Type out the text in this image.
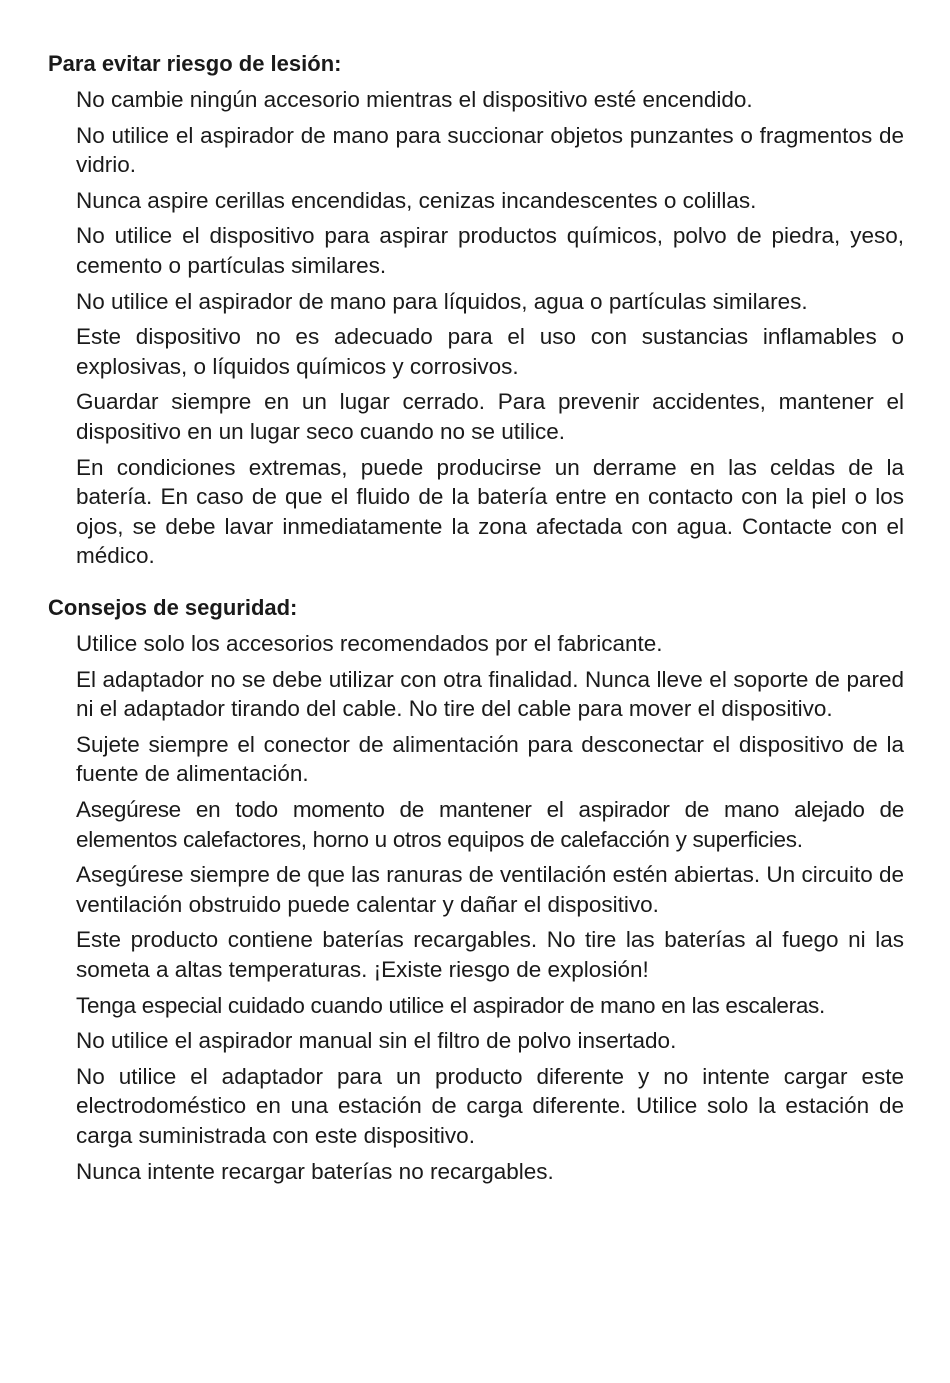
Para evitar riesgo de lesión:
No cambie ningún accesorio mientras el dispositivo esté encendido.
No utilice el aspirador de mano para succionar objetos punzantes o fragmentos de vidrio.
Nunca aspire cerillas encendidas, cenizas incandescentes o colillas.
No utilice el dispositivo para aspirar productos químicos, polvo de piedra, yeso, cemento o partículas similares.
No utilice el aspirador de mano para líquidos, agua o partículas similares.
Este dispositivo no es adecuado para el uso con sustancias inflamables o explosivas, o líquidos químicos y corrosivos.
Guardar siempre en un lugar cerrado. Para prevenir accidentes, mantener el dispositivo en un lugar seco cuando no se utilice.
En condiciones extremas, puede producirse un derrame en las celdas de la batería. En caso de que el fluido de la batería entre en contacto con la piel o los ojos, se debe lavar inmediatamente la zona afectada con agua. Contacte con el médico.
Consejos de seguridad:
Utilice solo los accesorios recomendados por el fabricante.
El adaptador no se debe utilizar con otra finalidad. Nunca lleve el soporte de pared ni el adaptador tirando del cable. No tire del cable para mover el dispositivo.
Sujete siempre el conector de alimentación para desconectar el dispositivo de la fuente de alimentación.
Asegúrese en todo momento de mantener el aspirador de mano alejado de elementos calefactores, horno u otros equipos de calefacción y superficies.
Asegúrese siempre de que las ranuras de ventilación estén abiertas. Un circuito de ventilación obstruido puede calentar y dañar el dispositivo.
Este producto contiene baterías recargables. No tire las baterías al fuego ni las someta a altas temperaturas. ¡Existe riesgo de explosión!
Tenga especial cuidado cuando utilice el aspirador de mano en las escaleras.
No utilice el aspirador manual sin el filtro de polvo insertado.
No utilice el adaptador para un producto diferente y no intente cargar este electrodoméstico en una estación de carga diferente. Utilice solo la estación de carga suministrada con este dispositivo.
Nunca intente recargar baterías no recargables.
